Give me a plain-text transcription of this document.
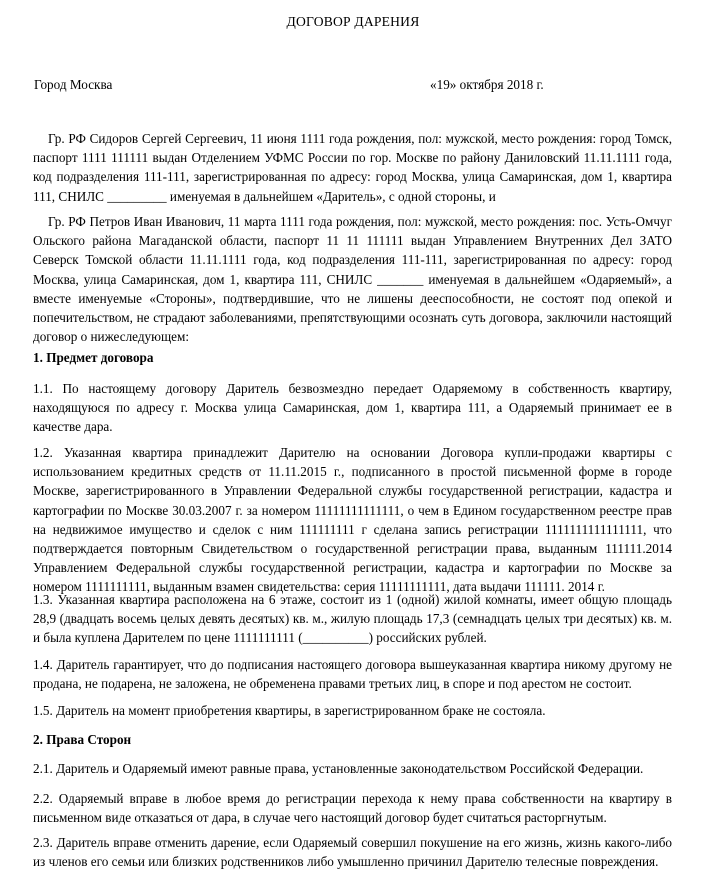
ДОГОВОР ДАРЕНИЯ
Город Москва	«19» октября 2018 г.

Гр. РФ Сидоров Сергей Сергеевич, 11 июня 1111 года рождения, пол: мужской, место рождения: город Томск, паспорт 1111 111111 выдан Отделением УФМС России по гор. Москве по району Даниловский 11.11.1111 года, код подразделения 111-111, зарегистрированная по адресу: город Москва, улица Самаринская, дом 1, квартира 111, СНИЛС _________ именуемая в дальнейшем «Даритель», с одной стороны, и

Гр. РФ Петров Иван Иванович, 11 марта 1111 года рождения, пол: мужской, место рождения: пос. Усть-Омчуг Ольского района Магаданской области, паспорт 11 11 111111 выдан Управлением Внутренних Дел ЗАТО Северск Томской области 11.11.1111 года, код подразделения 111-111, зарегистрированная по адресу: город Москва, улица Самаринская, дом 1, квартира 111, СНИЛС _______ именуемая в дальнейшем «Одаряемый», а вместе именуемые «Стороны», подтвердившие, что не лишены дееспособности, не состоят под опекой и попечительством, не страдают заболеваниями, препятствующими осознать суть договора, заключили настоящий договор о нижеследующем:

1. Предмет договора

1.1. По настоящему договору Даритель безвозмездно передает Одаряемому в собственность квартиру, находящуюся по адресу г. Москва улица Самаринская, дом 1, квартира 111, а Одаряемый принимает ее в качестве дара.

1.2. Указанная квартира принадлежит Дарителю на основании Договора купли-продажи квартиры с использованием кредитных средств от 11.11.2015 г., подписанного в простой письменной форме в городе Москве, зарегистрированного в Управлении Федеральной службы государственной регистрации, кадастра и картографии по Москве 30.03.2007 г. за номером 11111111111111, о чем в Едином государственном реестре прав на недвижимое имущество и сделок с ним 111111111 г сделана запись регистрации 1111111111111111, что подтверждается повторным Свидетельством о государственной регистрации права, выданным 111111.2014 Управлением Федеральной службы государственной регистрации, кадастра и картографии по Москве за номером 1111111111, выданным взамен свидетельства: серия 11111111111, дата выдачи 111111. 2014 г.

1.3. Указанная квартира расположена на 6 этаже, состоит из 1 (одной) жилой комнаты, имеет общую площадь 28,9 (двадцать восемь целых девять десятых) кв. м., жилую площадь 17,3 (семнадцать целых три десятых) кв. м. и была куплена Дарителем по цене 1111111111 (__________) российских рублей.

1.4. Даритель гарантирует, что до подписания настоящего договора вышеуказанная квартира никому другому не продана, не подарена, не заложена, не обременена правами третьих лиц, в споре и под арестом не состоит.

1.5. Даритель на момент приобретения квартиры, в зарегистрированном браке не состояла.

2. Права Сторон

2.1. Даритель и Одаряемый имеют равные права, установленные законодательством Российской Федерации.

2.2. Одаряемый вправе в любое время до регистрации перехода к нему права собственности на квартиру в письменном виде отказаться от дара, в случае чего настоящий договор будет считаться расторгнутым.

2.3. Даритель вправе отменить дарение, если Одаряемый совершил покушение на его жизнь, жизнь какого-либо из членов его семьи или близких родственников либо умышленно причинил Дарителю телесные повреждения.
